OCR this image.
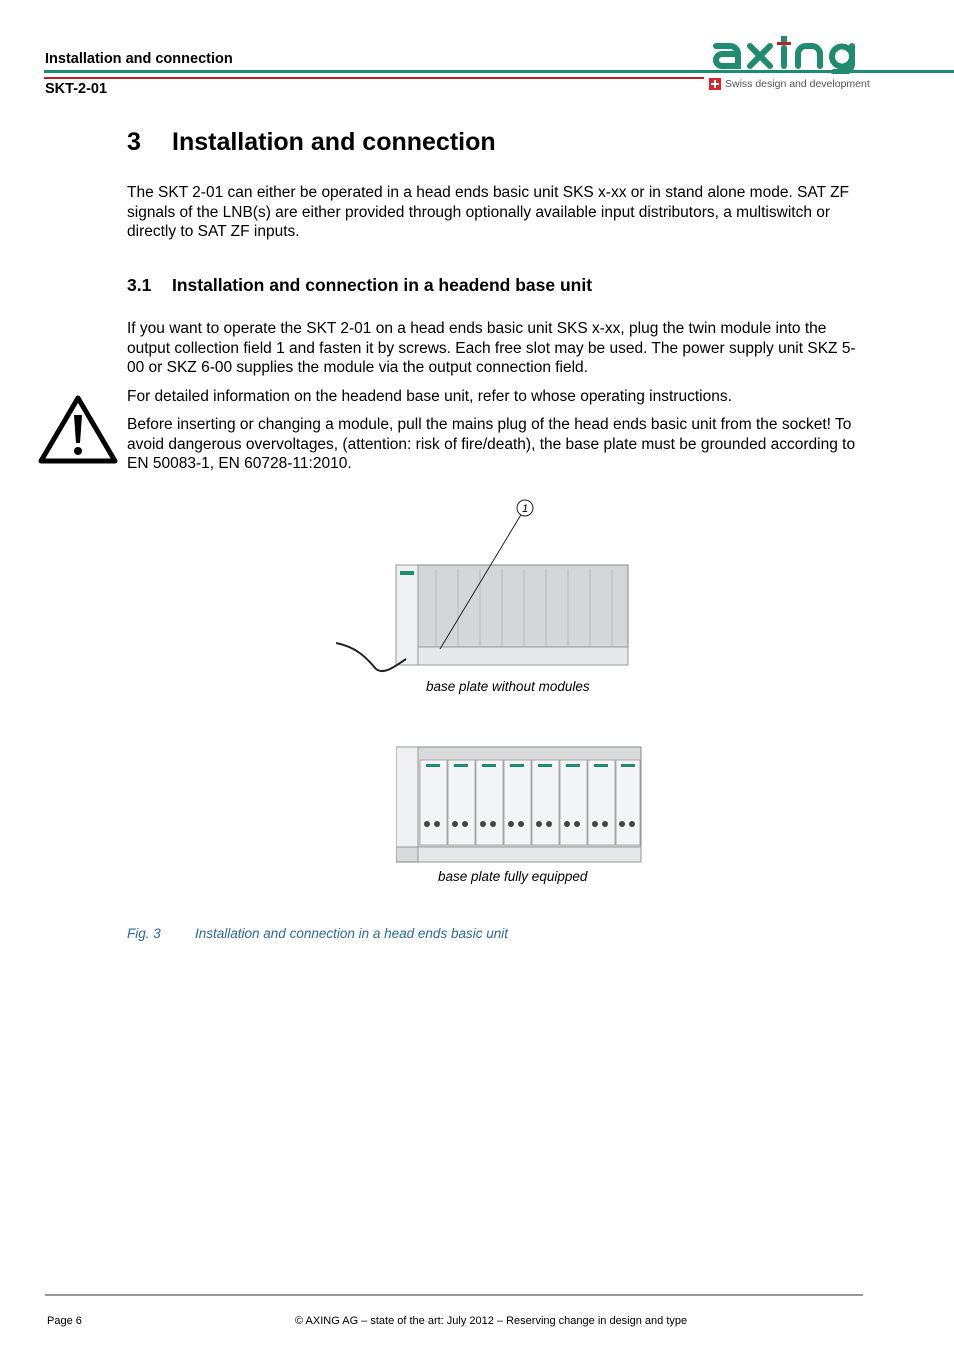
Installation and connection
SKT-2-01	Swiss design and development
3	Installation and connection

The SKT 2-01 can either be operated in a head ends basic unit SKS x-xx or in stand alone mode. SAT ZF signals of the LNB(s) are either provided through optionally available input distributors, a multiswitch or directly to SAT ZF inputs.

3.1	Installation and connection in a headend base unit

If you want to operate the SKT 2-01 on a head ends basic unit SKS x-xx, plug the twin module into the output collection field 1 and fasten it by screws. Each free slot may be used. The power supply unit SKZ 5-00 or SKZ 6-00 supplies the module via the output connection field.

For detailed information on the headend base unit, refer to whose operating instructions.

Before inserting or changing a module, pull the mains plug of the head ends basic unit from the socket! To avoid dangerous overvoltages, (attention: risk of fire/death), the base plate must be grounded according to EN 50083-1, EN 60728-11:2010.

1
base plate without modules
base plate fully equipped
Fig. 3	Installation and connection in a head ends basic unit
Page 6	© AXING AG – state of the art: July 2012 – Reserving change in design and type
